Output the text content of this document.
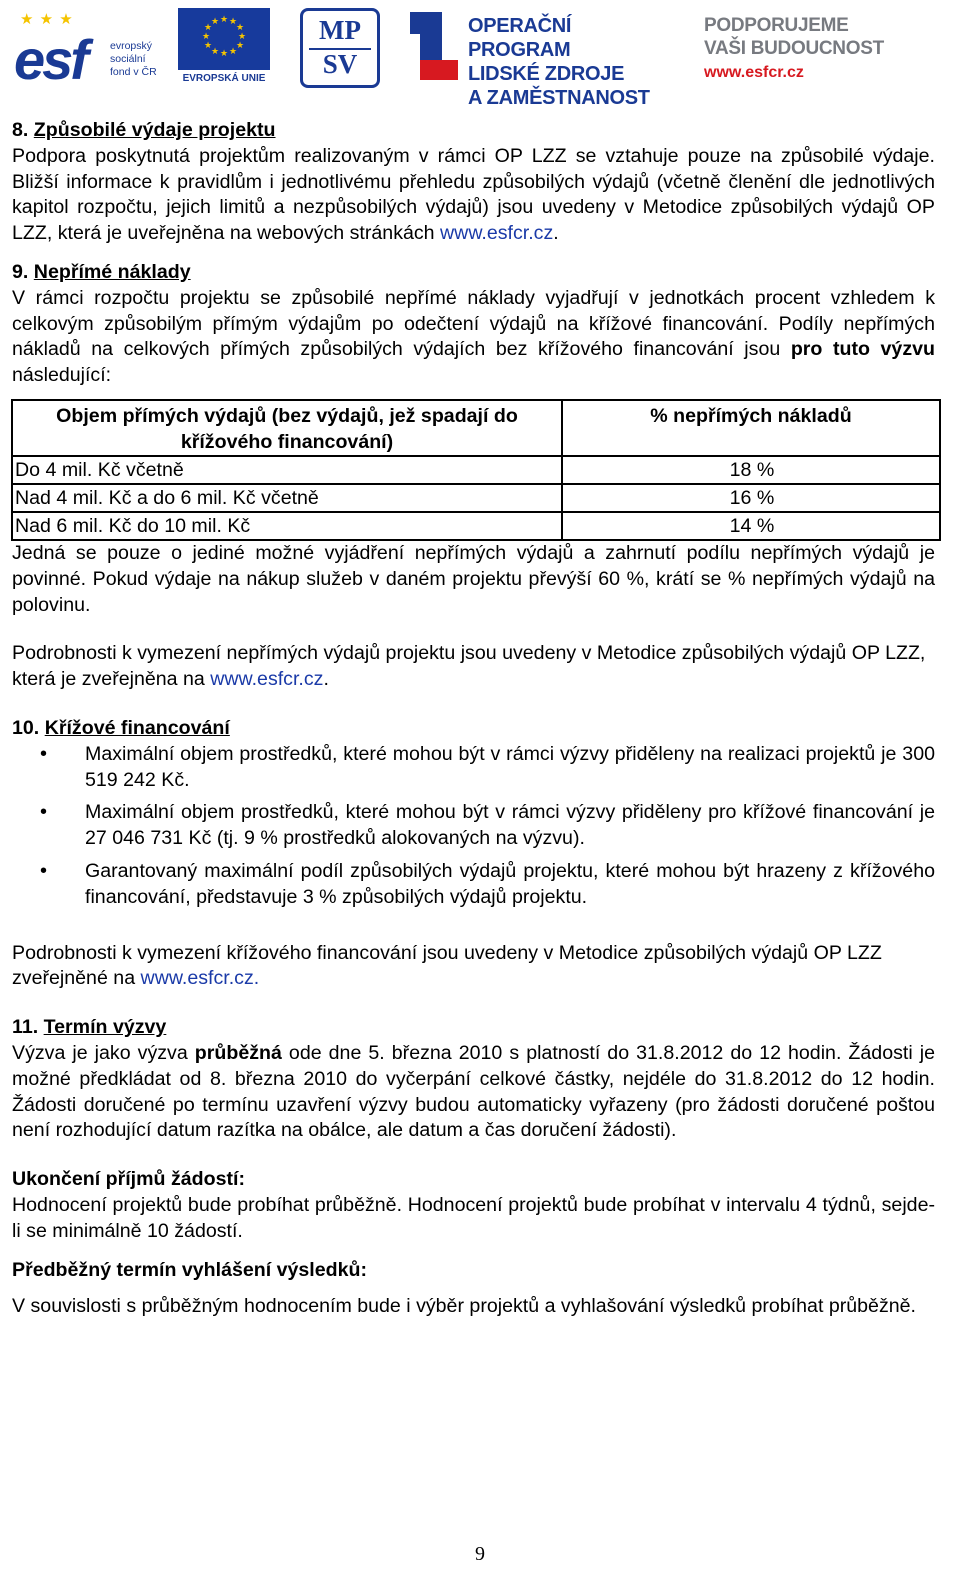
★ ★ ★
esf evropský
sociální
fond v ČR
★ ★
★
★
★
★
★
★
★
★
★
★
EVROPSKÁ UNIE
MP
SV
OPERAČNÍ PROGRAM
LIDSKÉ ZDROJE
A ZAMĚSTNANOST
PODPORUJEME
VAŠI BUDOUCNOST
www.esfcr.cz
8. Způsobilé výdaje projektu

Podpora poskytnutá projektům realizovaným v rámci OP LZZ se vztahuje pouze na způsobilé výdaje. Bližší informace k pravidlům i jednotlivému přehledu způsobilých výdajů (včetně členění dle jednotlivých kapitol rozpočtu, jejich limitů a nezpůsobilých výdajů) jsou uvedeny v Metodice způsobilých výdajů OP LZZ, která je uveřejněna na webových stránkách www.esfcr.cz.

9. Nepřímé náklady

V rámci rozpočtu projektu se způsobilé nepřímé náklady vyjadřují v jednotkách procent vzhledem k celkovým způsobilým přímým výdajům po odečtení výdajů na křížové financování. Podíly nepřímých nákladů na celkových přímých způsobilých výdajích bez křížového financování jsou pro tuto výzvu následující:

Objem přímých výdajů (bez výdajů, jež spadají do křížového financování)	% nepřímých nákladů
Do 4 mil. Kč včetně	18 %
Nad 4 mil. Kč a do 6 mil. Kč včetně	16 %
Nad 6 mil. Kč do 10 mil. Kč	14 %

Jedná se pouze o jediné možné vyjádření nepřímých výdajů a zahrnutí podílu nepřímých výdajů je povinné. Pokud výdaje na nákup služeb v daném projektu převýší 60 %, krátí se % nepřímých výdajů na polovinu.

Podrobnosti k vymezení nepřímých výdajů projektu jsou uvedeny v Metodice způsobilých výdajů OP LZZ, která je zveřejněna na www.esfcr.cz.

10. Křížové financování
• Maximální objem prostředků, které mohou být v rámci výzvy přiděleny na realizaci projektů je 300 519 242 Kč.
• Maximální objem prostředků, které mohou být v rámci výzvy přiděleny pro křížové financování je 27 046 731 Kč (tj. 9 % prostředků alokovaných na výzvu).
• Garantovaný maximální podíl způsobilých výdajů projektu, které mohou být hrazeny z křížového financování, představuje 3 % způsobilých výdajů projektu.

Podrobnosti k vymezení křížového financování jsou uvedeny v Metodice způsobilých výdajů OP LZZ zveřejněné na www.esfcr.cz.

11. Termín výzvy

Výzva je jako výzva průběžná ode dne 5. března 2010 s platností do 31.8.2012 do 12 hodin. Žádosti je možné předkládat od 8. března 2010 do vyčerpání celkové částky, nejdéle do 31.8.2012 do 12 hodin. Žádosti doručené po termínu uzavření výzvy budou automaticky vyřazeny (pro žádosti doručené poštou není rozhodující datum razítka na obálce, ale datum a čas doručení žádosti).

Ukončení příjmů žádostí:

Hodnocení projektů bude probíhat průběžně. Hodnocení projektů bude probíhat v intervalu 4 týdnů, sejde-li se minimálně 10 žádostí.

Předběžný termín vyhlášení výsledků:

V souvislosti s průběžným hodnocením bude i výběr projektů a vyhlašování výsledků probíhat průběžně.

9
